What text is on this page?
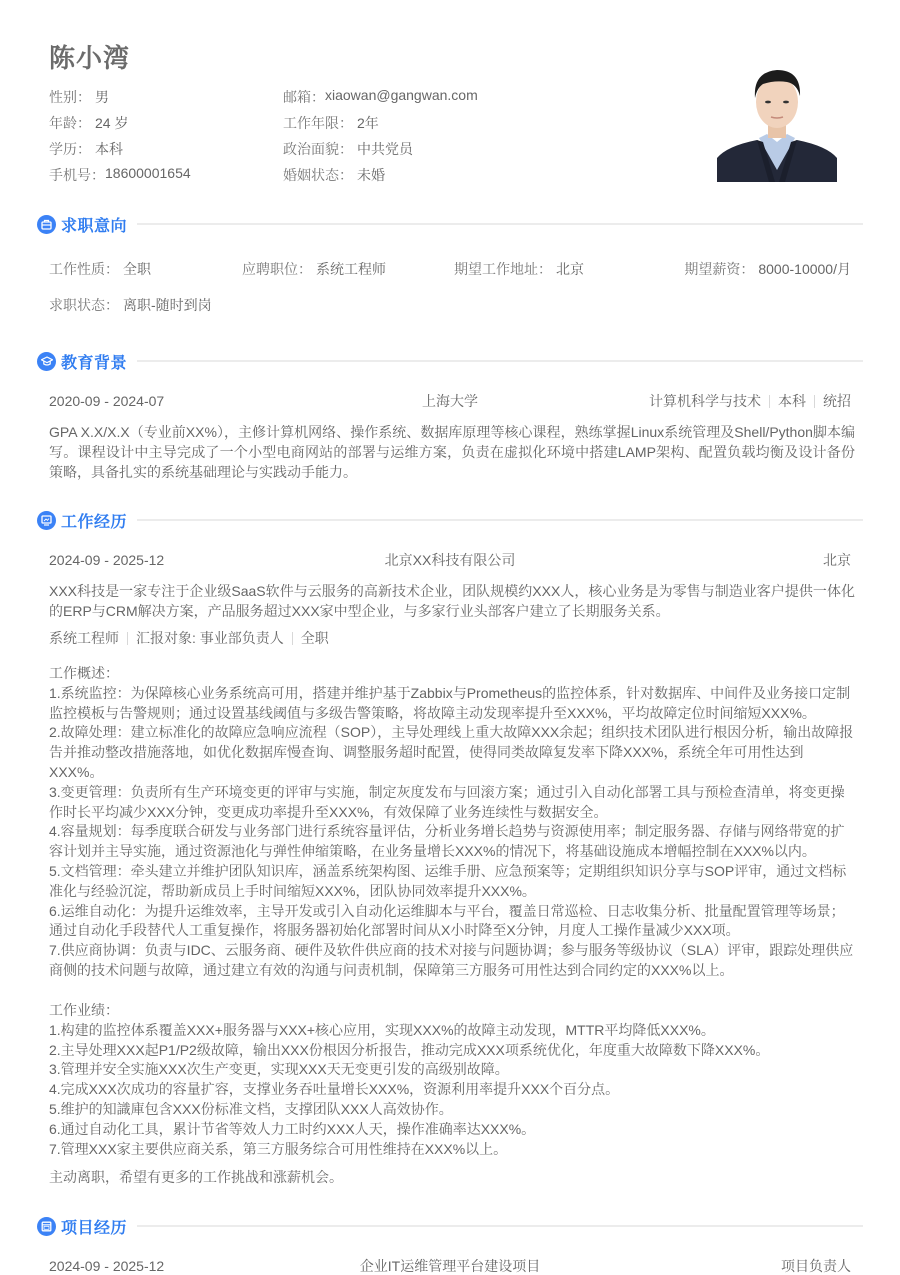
陈小湾
性别： 男	邮箱： xiaowan@gangwan.com
年龄： 24 岁	工作年限： 2年
学历： 本科	政治面貌： 中共党员
手机号： 18600001654	婚姻状态： 未婚
求职意向
工作性质： 全职	应聘职位： 系统工程师	期望工作地址： 北京	期望薪资： 8000-10000/月
求职状态： 离职-随时到岗
教育背景
2020-09 - 2024-07	上海大学	计算机科学与技术 本科 统招
GPA X.X/X.X（专业前XX%），主修计算机网络、操作系统、数据库原理等核心课程，熟练掌握Linux系统管理及Shell/Python脚本编写。课程设计中主导完成了一个小型电商网站的部署与运维方案，负责在虚拟化环境中搭建LAMP架构、配置负载均衡及设计备份策略，具备扎实的系统基础理论与实践动手能力。
工作经历
2024-09 - 2025-12	北京XX科技有限公司	北京
XXX科技是一家专注于企业级SaaS软件与云服务的高新技术企业，团队规模约XXX人，核心业务是为零售与制造业客户提供一体化的ERP与CRM解决方案，产品服务超过XXX家中型企业，与多家行业头部客户建立了长期服务关系。
系统工程师 汇报对象: 事业部负责人 全职

工作概述：

1.系统监控：为保障核心业务系统高可用，搭建并维护基于Zabbix与Prometheus的监控体系，针对数据库、中间件及业务接口定制监控模板与告警规则；通过设置基线阈值与多级告警策略，将故障主动发现率提升至XXX%，平均故障定位时间缩短XXX%。

2.故障处理：建立标准化的故障应急响应流程（SOP），主导处理线上重大故障XXX余起；组织技术团队进行根因分析，输出故障报告并推动整改措施落地，如优化数据库慢查询、调整服务超时配置，使得同类故障复发率下降XXX%，系统全年可用性达到XXX%。

3.变更管理：负责所有生产环境变更的评审与实施，制定灰度发布与回滚方案；通过引入自动化部署工具与预检查清单，将变更操作时长平均减少XXX分钟，变更成功率提升至XXX%，有效保障了业务连续性与数据安全。

4.容量规划：每季度联合研发与业务部门进行系统容量评估，分析业务增长趋势与资源使用率；制定服务器、存储与网络带宽的扩容计划并主导实施，通过资源池化与弹性伸缩策略，在业务量增长XXX%的情况下，将基础设施成本增幅控制在XXX%以内。

5.文档管理：牵头建立并维护团队知识库，涵盖系统架构图、运维手册、应急预案等；定期组织知识分享与SOP评审，通过文档标准化与经验沉淀，帮助新成员上手时间缩短XXX%，团队协同效率提升XXX%。

6.运维自动化：为提升运维效率，主导开发或引入自动化运维脚本与平台，覆盖日常巡检、日志收集分析、批量配置管理等场景；通过自动化手段替代人工重复操作，将服务器初始化部署时间从X小时降至X分钟，月度人工操作量减少XXX项。

7.供应商协调：负责与IDC、云服务商、硬件及软件供应商的技术对接与问题协调；参与服务等级协议（SLA）评审，跟踪处理供应商侧的技术问题与故障，通过建立有效的沟通与问责机制，保障第三方服务可用性达到合同约定的XXX%以上。

工作业绩：

1.构建的监控体系覆盖XXX+服务器与XXX+核心应用，实现XXX%的故障主动发现，MTTR平均降低XXX%。

2.主导处理XXX起P1/P2级故障，输出XXX份根因分析报告，推动完成XXX项系统优化，年度重大故障数下降XXX%。

3.管理并安全实施XXX次生产变更，实现XXX天无变更引发的高级别故障。

4.完成XXX次成功的容量扩容，支撑业务吞吐量增长XXX%，资源利用率提升XXX个百分点。

5.维护的知識庫包含XXX份标准文档，支撑团队XXX人高效协作。

6.通过自动化工具，累计节省等效人力工时约XXX人天，操作准确率达XXX%。

7.管理XXX家主要供应商关系，第三方服务综合可用性维持在XXX%以上。

主动离职，希望有更多的工作挑战和涨薪机会。
项目经历
2024-09 - 2025-12	企业IT运维管理平台建设项目	项目负责人
